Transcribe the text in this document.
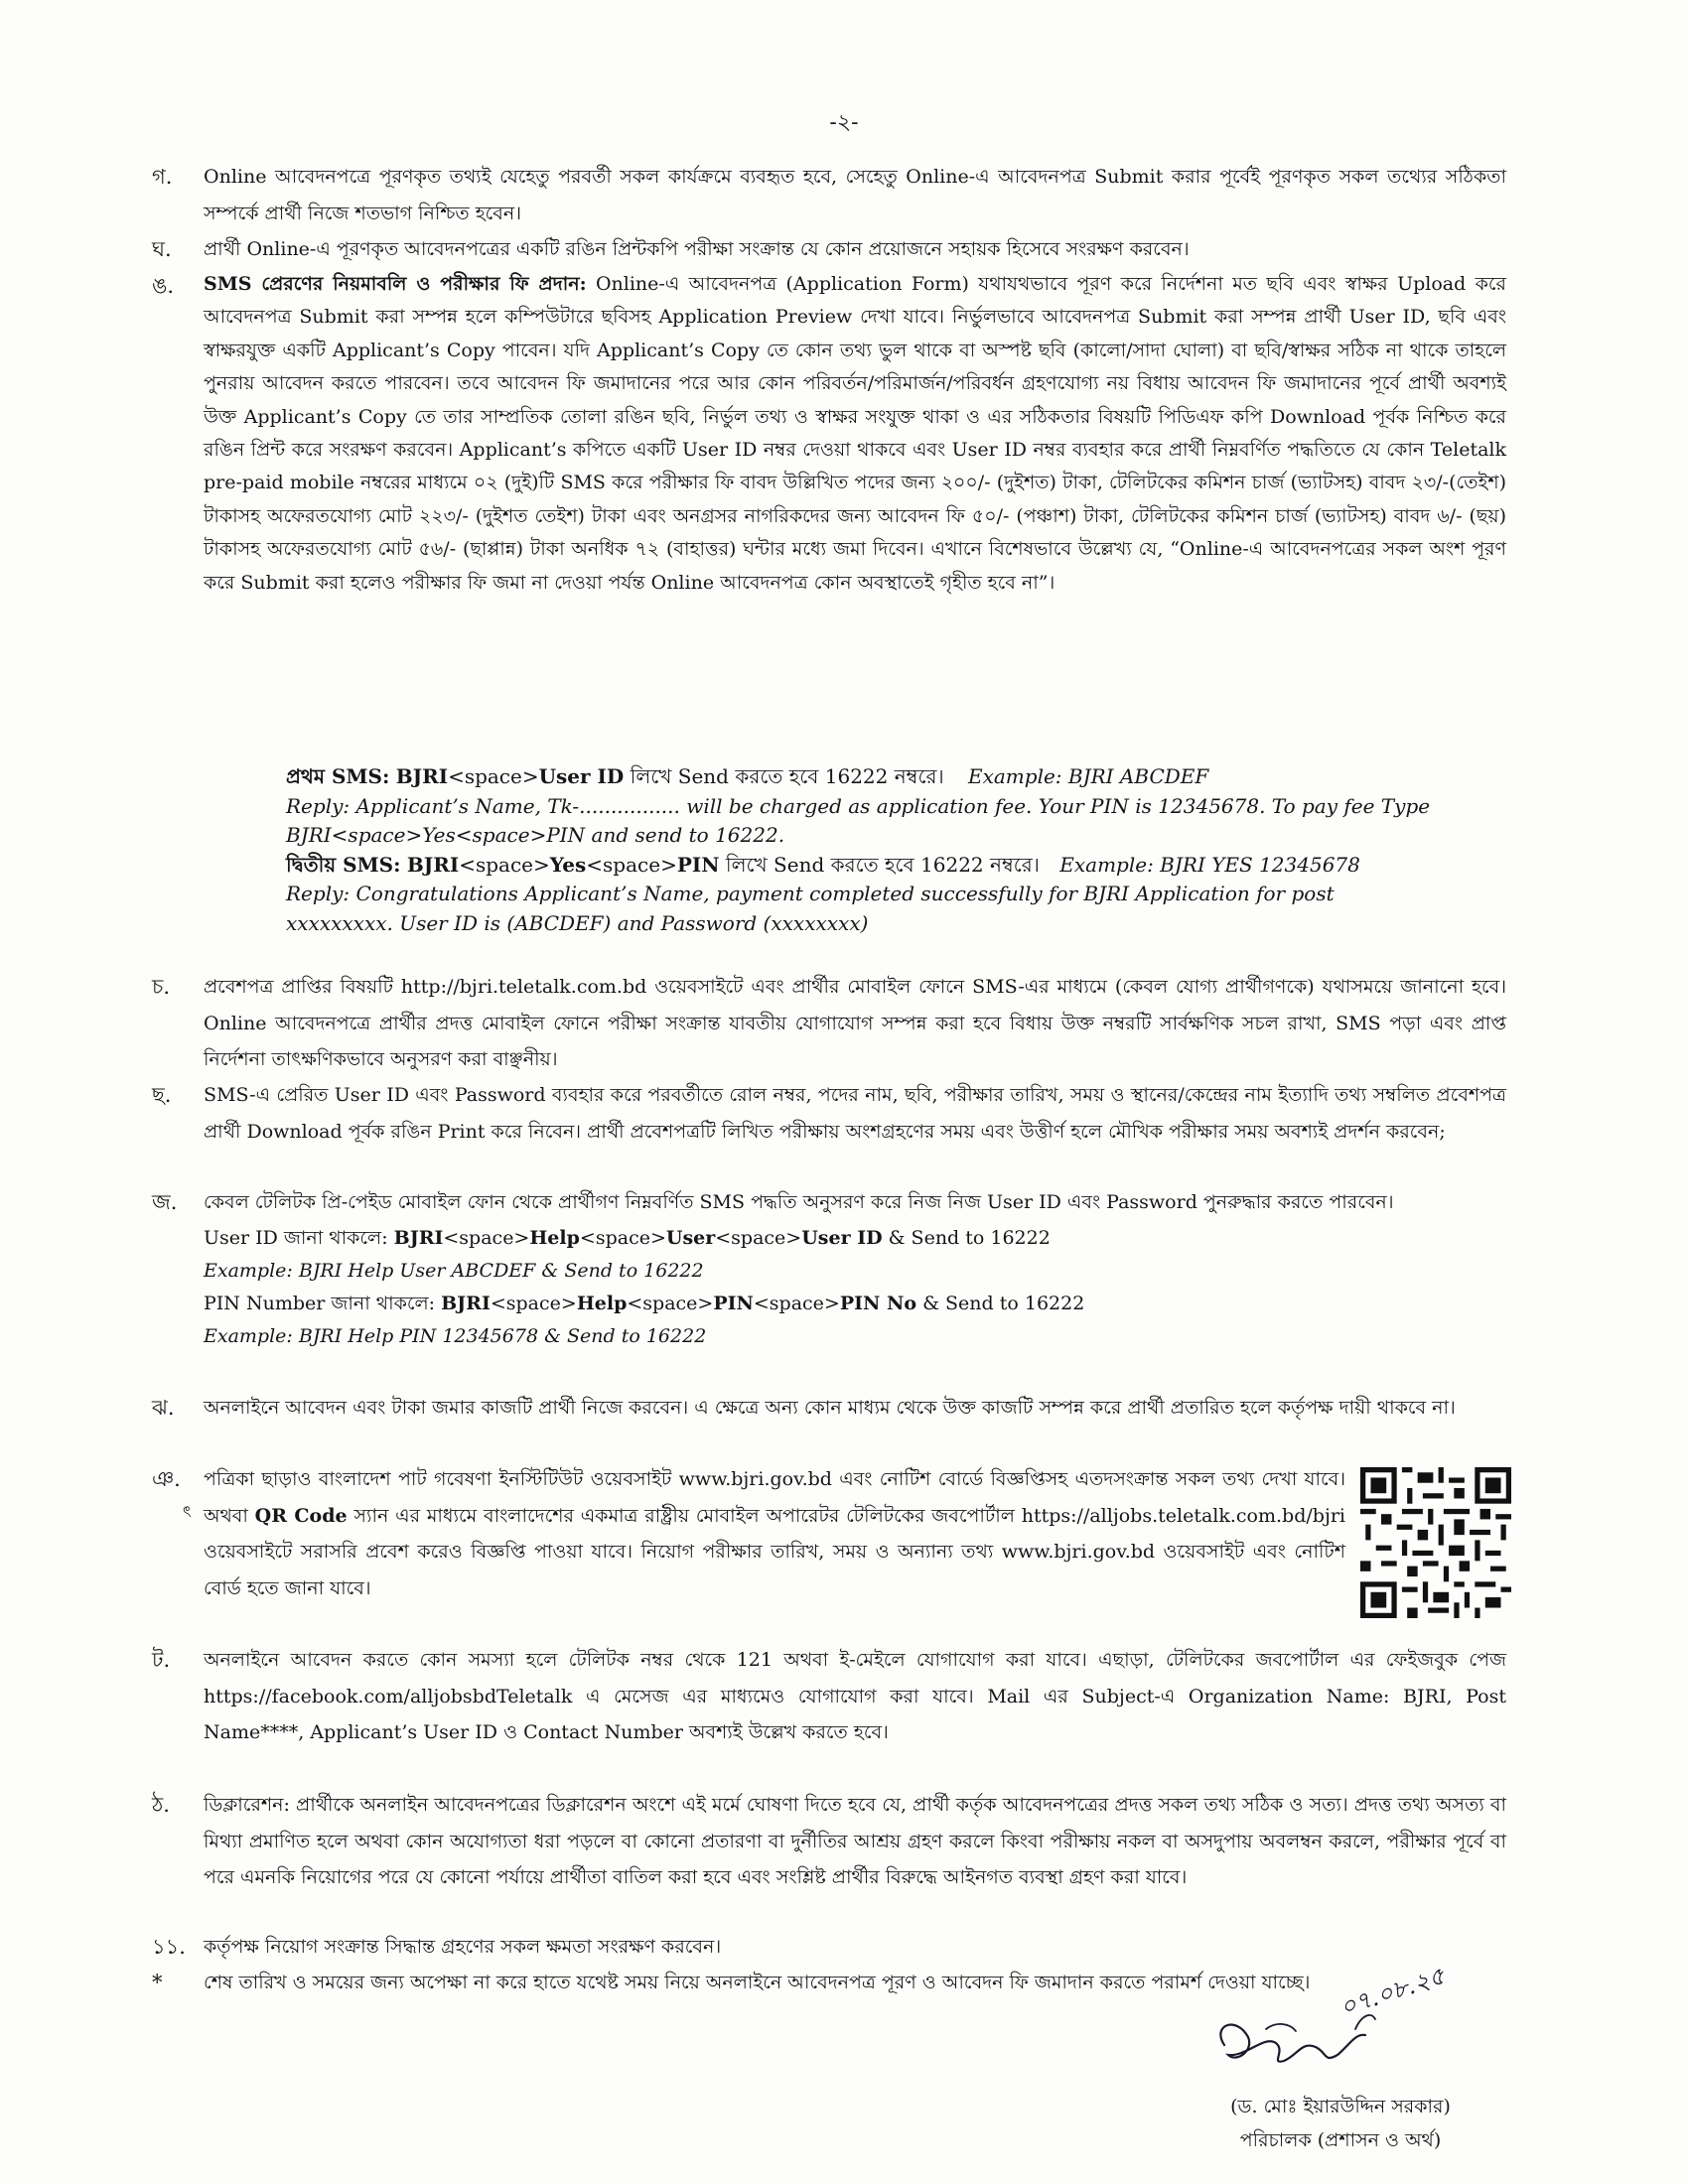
-২-
গ. Online আবেদনপত্রে পূরণকৃত তথ্যই যেহেতু পরবর্তী সকল কার্যক্রমে ব্যবহৃত হবে, সেহেতু Online-এ আবেদনপত্র Submit করার পূর্বেই পূরণকৃত সকল তথ্যের সঠিকতা সম্পর্কে প্রার্থী নিজে শতভাগ নিশ্চিত হবেন।
ঘ. প্রার্থী Online-এ পূরণকৃত আবেদনপত্রের একটি রঙিন প্রিন্টকপি পরীক্ষা সংক্রান্ত যে কোন প্রয়োজনে সহায়ক হিসেবে সংরক্ষণ করবেন।
ঙ. SMS প্রেরণের নিয়মাবলি ও পরীক্ষার ফি প্রদান: Online-এ আবেদনপত্র (Application Form) যথাযথভাবে পূরণ করে নির্দেশনা মত ছবি এবং স্বাক্ষর Upload করে আবেদনপত্র Submit করা সম্পন্ন হলে কম্পিউটারে ছবিসহ Application Preview দেখা যাবে। নির্ভুলভাবে আবেদনপত্র Submit করা সম্পন্ন প্রার্থী User ID, ছবি এবং স্বাক্ষরযুক্ত একটি Applicant’s Copy পাবেন। যদি Applicant’s Copy তে কোন তথ্য ভুল থাকে বা অস্পষ্ট ছবি (কালো/সাদা ঘোলা) বা ছবি/স্বাক্ষর সঠিক না থাকে তাহলে পুনরায় আবেদন করতে পারবেন। তবে আবেদন ফি জমাদানের পরে আর কোন পরিবর্তন/পরিমার্জন/পরিবর্ধন গ্রহণযোগ্য নয় বিধায় আবেদন ফি জমাদানের পূর্বে প্রার্থী অবশ্যই উক্ত Applicant’s Copy তে তার সাম্প্রতিক তোলা রঙিন ছবি, নির্ভুল তথ্য ও স্বাক্ষর সংযুক্ত থাকা ও এর সঠিকতার বিষয়টি পিডিএফ কপি Download পূর্বক নিশ্চিত করে রঙিন প্রিন্ট করে সংরক্ষণ করবেন। Applicant’s কপিতে একটি User ID নম্বর দেওয়া থাকবে এবং User ID নম্বর ব্যবহার করে প্রার্থী নিম্নবর্ণিত পদ্ধতিতে যে কোন Teletalk pre-paid mobile নম্বরের মাধ্যমে ০২ (দুই)টি SMS করে পরীক্ষার ফি বাবদ উল্লিখিত পদের জন্য ২০০/- (দুইশত) টাকা, টেলিটকের কমিশন চার্জ (ভ্যাটসহ) বাবদ ২৩/-(তেইশ) টাকাসহ অফেরতযোগ্য মোট ২২৩/- (দুইশত তেইশ) টাকা এবং অনগ্রসর নাগরিকদের জন্য আবেদন ফি ৫০/- (পঞ্চাশ) টাকা, টেলিটকের কমিশন চার্জ (ভ্যাটসহ) বাবদ ৬/- (ছয়) টাকাসহ অফেরতযোগ্য মোট ৫৬/- (ছাপ্পান্ন) টাকা অনধিক ৭২ (বাহাত্তর) ঘন্টার মধ্যে জমা দিবেন। এখানে বিশেষভাবে উল্লেখ্য যে, “Online-এ আবেদনপত্রের সকল অংশ পূরণ করে Submit করা হলেও পরীক্ষার ফি জমা না দেওয়া পর্যন্ত Online আবেদনপত্র কোন অবস্থাতেই গৃহীত হবে না”।
প্রথম SMS: BJRI<space>User ID লিখে Send করতে হবে 16222 নম্বরে। Example: BJRI ABCDEF
Reply: Applicant’s Name, Tk-................ will be charged as application fee. Your PIN is 12345678. To pay fee Type
BJRI<space>Yes<space>PIN and send to 16222.
দ্বিতীয় SMS: BJRI<space>Yes<space>PIN লিখে Send করতে হবে 16222 নম্বরে। Example: BJRI YES 12345678
Reply: Congratulations Applicant’s Name, payment completed successfully for BJRI Application for post
xxxxxxxxx. User ID is (ABCDEF) and Password (xxxxxxxx)
চ. প্রবেশপত্র প্রাপ্তির বিষয়টি http://bjri.teletalk.com.bd ওয়েবসাইটে এবং প্রার্থীর মোবাইল ফোনে SMS-এর মাধ্যমে (কেবল যোগ্য প্রার্থীগণকে) যথাসময়ে জানানো হবে। Online আবেদনপত্রে প্রার্থীর প্রদত্ত মোবাইল ফোনে পরীক্ষা সংক্রান্ত যাবতীয় যোগাযোগ সম্পন্ন করা হবে বিধায় উক্ত নম্বরটি সার্বক্ষণিক সচল রাখা, SMS পড়া এবং প্রাপ্ত নির্দেশনা তাৎক্ষণিকভাবে অনুসরণ করা বাঞ্ছনীয়।
ছ. SMS-এ প্রেরিত User ID এবং Password ব্যবহার করে পরবর্তীতে রোল নম্বর, পদের নাম, ছবি, পরীক্ষার তারিখ, সময় ও স্থানের/কেন্দ্রের নাম ইত্যাদি তথ্য সম্বলিত প্রবেশপত্র প্রার্থী Download পূর্বক রঙিন Print করে নিবেন। প্রার্থী প্রবেশপত্রটি লিখিত পরীক্ষায় অংশগ্রহণের সময় এবং উত্তীর্ণ হলে মৌখিক পরীক্ষার সময় অবশ্যই প্রদর্শন করবেন;
জ. কেবল টেলিটক প্রি-পেইড মোবাইল ফোন থেকে প্রার্থীগণ নিম্নবর্ণিত SMS পদ্ধতি অনুসরণ করে নিজ নিজ User ID এবং Password পুনরুদ্ধার করতে পারবেন।
User ID জানা থাকলে: BJRI<space>Help<space>User<space>User ID & Send to 16222
Example: BJRI Help User ABCDEF & Send to 16222
PIN Number জানা থাকলে: BJRI<space>Help<space>PIN<space>PIN No & Send to 16222
Example: BJRI Help PIN 12345678 & Send to 16222
ঝ. অনলাইনে আবেদন এবং টাকা জমার কাজটি প্রার্থী নিজে করবেন। এ ক্ষেত্রে অন্য কোন মাধ্যম থেকে উক্ত কাজটি সম্পন্ন করে প্রার্থী প্রতারিত হলে কর্তৃপক্ষ দায়ী থাকবে না।
ঞ. পত্রিকা ছাড়াও বাংলাদেশ পাট গবেষণা ইনস্টিটিউট ওয়েবসাইট www.bjri.gov.bd এবং নোটিশ বোর্ডে বিজ্ঞপ্তিসহ এতদসংক্রান্ত সকল তথ্য দেখা যাবে। অথবা QR Code স্যান এর মাধ্যমে বাংলাদেশের একমাত্র রাষ্ট্রীয় মোবাইল অপারেটর টেলিটকের জবপোর্টাল https://alljobs.teletalk.com.bd/bjri ওয়েবসাইটে সরাসরি প্রবেশ করেও বিজ্ঞপ্তি পাওয়া যাবে। নিয়োগ পরীক্ষার তারিখ, সময় ও অন্যান্য তথ্য www.bjri.gov.bd ওয়েবসাইট এবং নোটিশ বোর্ড হতে জানা যাবে।
ৎ
ট. অনলাইনে আবেদন করতে কোন সমস্যা হলে টেলিটক নম্বর থেকে 121 অথবা ই-মেইলে যোগাযোগ করা যাবে। এছাড়া, টেলিটকের জবপোর্টাল এর ফেইজবুক পেজ https://facebook.com/alljobsbdTeletalk এ মেসেজ এর মাধ্যমেও যোগাযোগ করা যাবে। Mail এর Subject-এ Organization Name: BJRI, Post Name****, Applicant’s User ID ও Contact Number অবশ্যই উল্লেখ করতে হবে।
ঠ. ডিক্লারেশন: প্রার্থীকে অনলাইন আবেদনপত্রের ডিক্লারেশন অংশে এই মর্মে ঘোষণা দিতে হবে যে, প্রার্থী কর্তৃক আবেদনপত্রের প্রদত্ত সকল তথ্য সঠিক ও সত্য। প্রদত্ত তথ্য অসত্য বা মিথ্যা প্রমাণিত হলে অথবা কোন অযোগ্যতা ধরা পড়লে বা কোনো প্রতারণা বা দুর্নীতির আশ্রয় গ্রহণ করলে কিংবা পরীক্ষায় নকল বা অসদুপায় অবলম্বন করলে, পরীক্ষার পূর্বে বা পরে এমনকি নিয়োগের পরে যে কোনো পর্যায়ে প্রার্থীতা বাতিল করা হবে এবং সংশ্লিষ্ট প্রার্থীর বিরুদ্ধে আইনগত ব্যবস্থা গ্রহণ করা যাবে।
১১. কর্তৃপক্ষ নিয়োগ সংক্রান্ত সিদ্ধান্ত গ্রহণের সকল ক্ষমতা সংরক্ষণ করবেন।
* শেষ তারিখ ও সময়ের জন্য অপেক্ষা না করে হাতে যথেষ্ট সময় নিয়ে অনলাইনে আবেদনপত্র পূরণ ও আবেদন ফি জমাদান করতে পরামর্শ দেওয়া যাচ্ছে।	০৭.০৮.২৫
(ড. মোঃ ইয়ারউদ্দিন সরকার)
পরিচালক (প্রশাসন ও অর্থ)
